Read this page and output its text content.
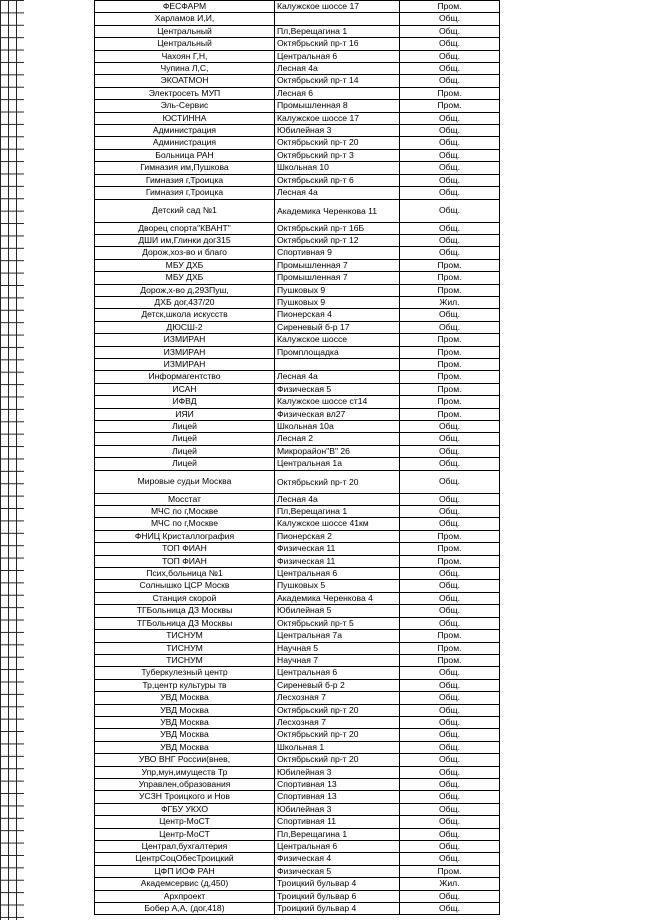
ФЕСФАРМ	Калужское шоссе 17	Пром.	
Харламов И,И,		Общ.	
Центральный	Пл,Верещагина 1	Общ.	
Центральный	Октябрьский пр-т 16	Общ.	
Чахоян Г,Н,	Центральная 6	Общ.	
Чупина Л,С,	Лесная 4а	Общ.	
ЭКОАТМОН	Октябрьский пр-т 14	Общ.	
Электросеть МУП	Лесная 6	Пром.	
Эль-Сервис	Промышленная 8	Пром.	
ЮСТИННА	Калужское шоссе 17	Общ.	
Администрация	Юбилейная 3	Общ.	
Администрация	Октябрьский пр-т 20	Общ.	
Больница РАН	Октябрьский пр-т 3	Общ.	
Гимназия им,Пушкова	Школьная 10	Общ.	
Гимназия г,Троицка	Октябрьский пр-т 6	Общ.	
Гимназия г,Троицка	Лесная 4а	Общ.	
Детский сад №1	Академика Черенкова 11	Общ.	
Дворец спорта"КВАНТ"	Октябрьский пр-т 16Б	Общ.	
ДШИ им,Глинки дог315	Октябрьский пр-т 12	Общ.	
Дорож,хоз-во и благо	Спортивная 9	Общ.	
МБУ ДХБ	Промышленная 7	Пром.	
МБУ ДХБ	Промышленная 7	Пром.	
Дорож,х-во д,293Пуш,	Пушковых 9	Пром.	
ДХБ дог,437/20	Пушковых 9	Жил.	
Детск,школа искусств	Пионерская 4	Общ.	
ДЮСШ-2	Сиреневый б-р 17	Общ.	
ИЗМИРАН	Калужское шоссе	Пром.	
ИЗМИРАН	Промплощадка	Пром.	
ИЗМИРАН		Пром.	
Информагентство	Лесная 4а	Пром.	
ИСАН	Физическая 5	Пром.	
ИФВД	Калужское шоссе ст14	Пром.	
ИЯИ	Физическая вл27	Пром.	
Лицей	Школьная 10а	Общ.	
Лицей	Лесная 2	Общ.	
Лицей	Микрорайон"В" 26	Общ.	
Лицей	Центральная 1а	Общ.	
Мировые судьи Москва	Октябрьский пр-т 20	Общ.	
Мосстат	Лесная 4а	Общ.	
МЧС по г,Москве	Пл,Верещагина 1	Общ.	
МЧС по г,Москве	Калужское шоссе 41км	Общ.	
ФНИЦ Кристаллография	Пионерская 2	Пром.	
ТОП ФИАН	Физическая 11	Пром.	
ТОП ФИАН	Физическая 11	Пром.	
Псих,больница №1	Центральная 6	Общ.	
Солнышко ЦСР Москв	Пушковых 5	Общ.	
Станция скорой	Академика Черенкова 4	Общ.	
ТГБольница ДЗ Москвы	Юбилейная 5	Общ.	
ТГБольница ДЗ Москвы	Октябрьский пр-т 5	Общ.	
ТИСНУМ	Центральная 7а	Пром.	
ТИСНУМ	Научная 5	Пром.	
ТИСНУМ	Научная 7	Пром.	
Туберкулезный центр	Центральная 6	Общ.	
Тр,центр культуры тв	Сиреневый б-р 2	Общ.	
УВД Москва	Лесхозная 7	Общ.	
УВД Москва	Октябрьский пр-т 20	Общ.	
УВД Москва	Лесхозная 7	Общ.	
УВД Москва	Октябрьский пр-т 20	Общ.	
УВД Москва	Школьная 1	Общ.	
УВО ВНГ России(внев,	Октябрьский пр-т 20	Общ.	
Упр,мун,имуществ Тр	Юбилейная 3	Общ.	
Управлен,образования	Спортивная 13	Общ.	
УСЗН Троицкого и Нов	Спортивная 13	Общ.	
ФГБУ УКХО	Юбилейная 3	Общ.	
Центр-МоСТ	Спортивная 11	Общ.	
Центр-МоСТ	Пл,Верещагина 1	Общ.	
Централ,бухгалтерия	Центральная 6	Общ.	
ЦентрСоцОбесТроицкий	Физическая 4	Общ.	
ЦФП ИОФ РАН	Физическая 5	Пром.	
Академсервис (д,450)	Троицкий бульвар 4	Жил.	
Архпроект	Троицкий бульвар 6	Общ.	
Бобер А,А, (дог,418)	Троицкий бульвар 4	Общ.	
